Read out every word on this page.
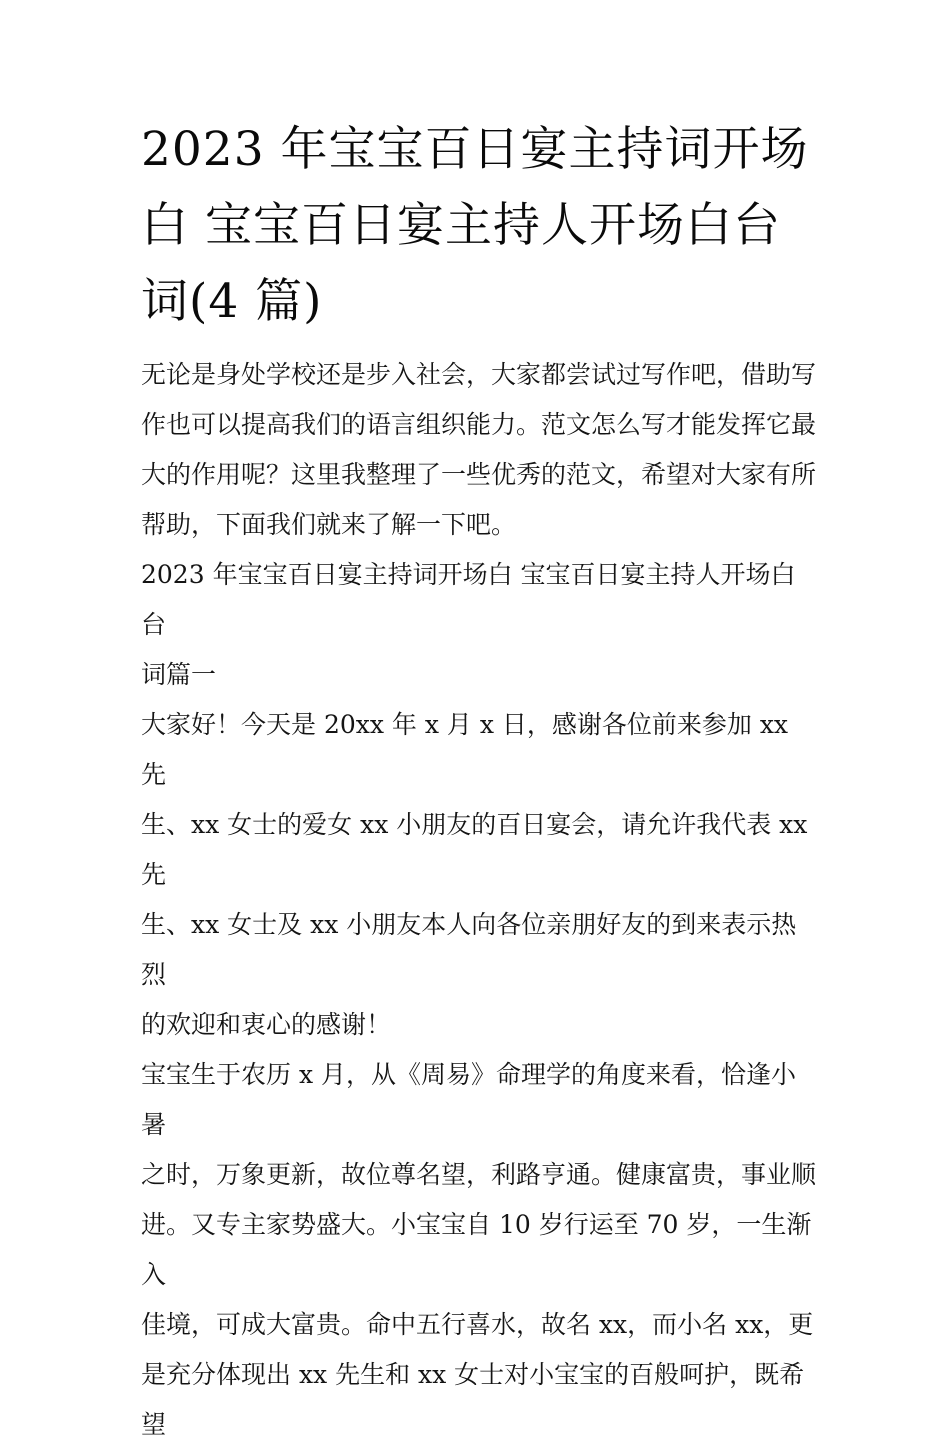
2023 年宝宝百日宴主持词开场
白 宝宝百日宴主持人开场白台
词(4 篇)
无论是身处学校还是步入社会，大家都尝试过写作吧，借助写
作也可以提高我们的语言组织能力。范文怎么写才能发挥它最
大的作用呢？这里我整理了一些优秀的范文，希望对大家有所
帮助，下面我们就来了解一下吧。
2023 年宝宝百日宴主持词开场白 宝宝百日宴主持人开场白台
词篇一
大家好！今天是 20xx 年 x 月 x 日，感谢各位前来参加 xx 先
生、xx 女士的爱女 xx 小朋友的百日宴会，请允许我代表 xx 先
生、xx 女士及 xx 小朋友本人向各位亲朋好友的到来表示热烈
的欢迎和衷心的感谢！
宝宝生于农历 x 月，从《周易》命理学的角度来看，恰逢小暑
之时，万象更新，故位尊名望，利路亨通。健康富贵，事业顺
进。又专主家势盛大。小宝宝自 10 岁行运至 70 岁，一生渐入
佳境，可成大富贵。命中五行喜水，故名 xx，而小名 xx，更
是充分体现出 xx 先生和 xx 女士对小宝宝的百般呵护，既希望
